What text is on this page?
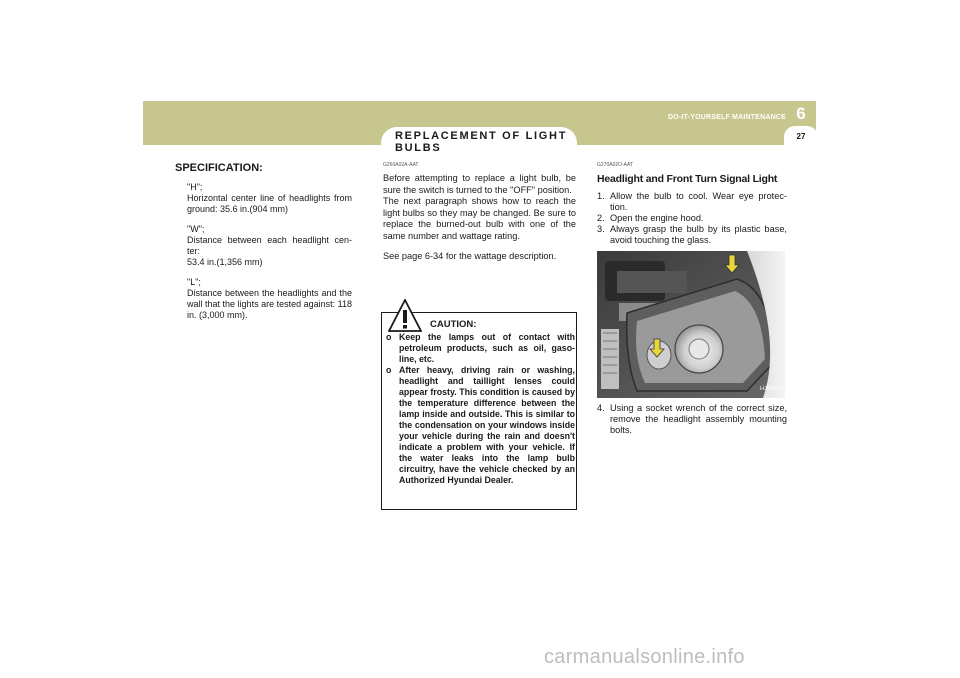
DO-IT-YOURSELF MAINTENANCE 6
27
REPLACEMENT OF LIGHT BULBS
SPECIFICATION:
"H";
Horizontal center line of headlights from ground: 35.6 in.(904 mm)
"W";
Distance between each headlight cen-ter:
53.4 in.(1,356 mm)
"L";
Distance between the headlights and the wall that the lights are tested against: 118 in. (3,000 mm).
G260A02A-AAT

Before attempting to replace a light bulb, be sure the switch is turned to the "OFF" position.
The next paragraph shows how to reach the light bulbs so they may be changed. Be sure to replace the burned-out bulb with one of the same number and wattage rating.

See page 6-34 for the wattage description.

CAUTION:
o Keep the lamps out of contact with petroleum products, such as oil, gaso-line, etc.
o After heavy, driving rain or washing, headlight and taillight lenses could appear frosty. This condition is caused by the temperature difference between the lamp inside and outside. This is similar to the condensation on your windows inside your vehicle during the rain and doesn't indicate a problem with your vehicle. If the water leaks into the lamp bulb circuitry, have the vehicle checked by an Authorized Hyundai Dealer.
G270A02O-AAT
Headlight and Front Turn Signal Light
1. Allow the bulb to cool. Wear eye protec-tion.
2. Open the engine hood.
3. Always grasp the bulb by its plastic base, avoid touching the glass.
HJM5012
4. Using a socket wrench of the correct size, remove the headlight assembly mounting bolts.
carmanualsonline.info
